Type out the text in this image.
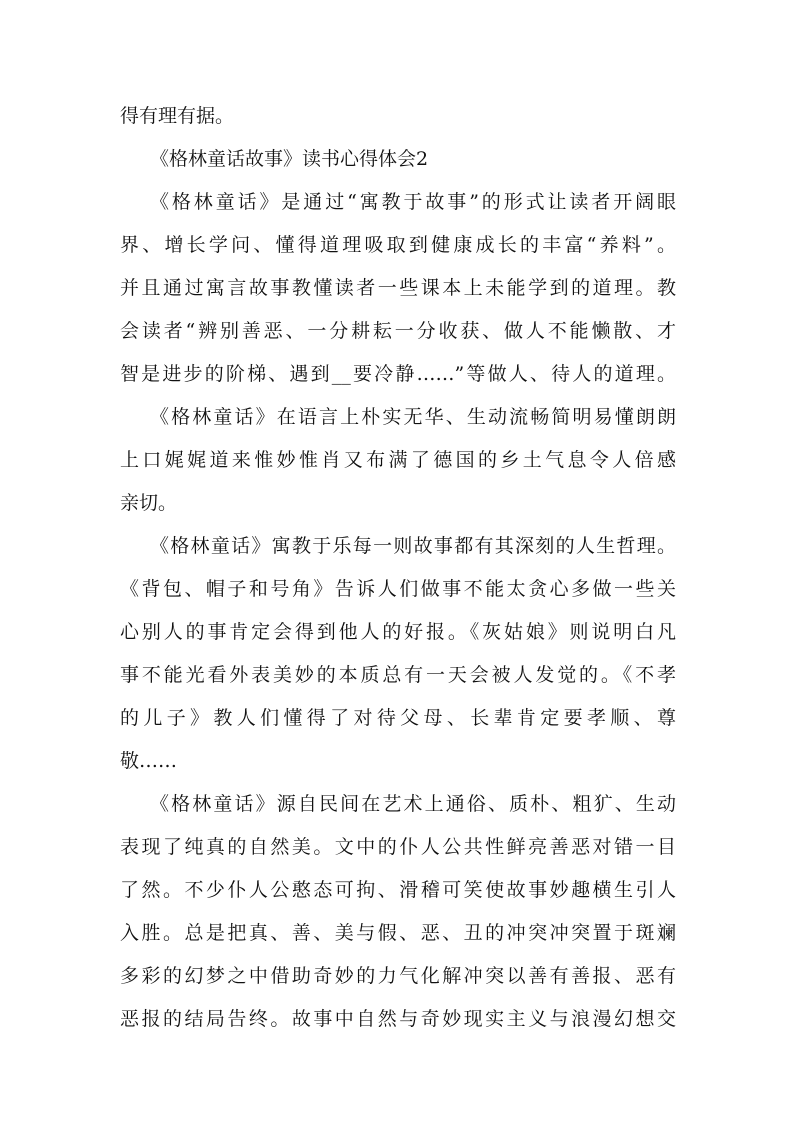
得有理有据。
《格林童话故事》读书心得体会2
《格林童话》是通过“寓教于故事”的形式让读者开阔眼
界、增长学问、懂得道理吸取到健康成长的丰富“养料”。
并且通过寓言故事教懂读者一些课本上未能学到的道理。教
会读者“辨别善恶、一分耕耘一分收获、做人不能懒散、才
智是进步的阶梯、遇到__要冷静……”等做人、待人的道理。
《格林童话》在语言上朴实无华、生动流畅简明易懂朗朗
上口娓娓道来惟妙惟肖又布满了德国的乡土气息令人倍感
亲切。
《格林童话》寓教于乐每一则故事都有其深刻的人生哲理。
《背包、帽子和号角》告诉人们做事不能太贪心多做一些关
心别人的事肯定会得到他人的好报。《灰姑娘》则说明白凡
事不能光看外表美妙的本质总有一天会被人发觉的。《不孝
的儿子》教人们懂得了对待父母、长辈肯定要孝顺、尊
敬……
《格林童话》源自民间在艺术上通俗、质朴、粗犷、生动
表现了纯真的自然美。文中的仆人公共性鲜亮善恶对错一目
了然。不少仆人公憨态可拘、滑稽可笑使故事妙趣横生引人
入胜。总是把真、善、美与假、恶、丑的冲突冲突置于斑斓
多彩的幻梦之中借助奇妙的力气化解冲突以善有善报、恶有
恶报的结局告终。故事中自然与奇妙现实主义与浪漫幻想交
